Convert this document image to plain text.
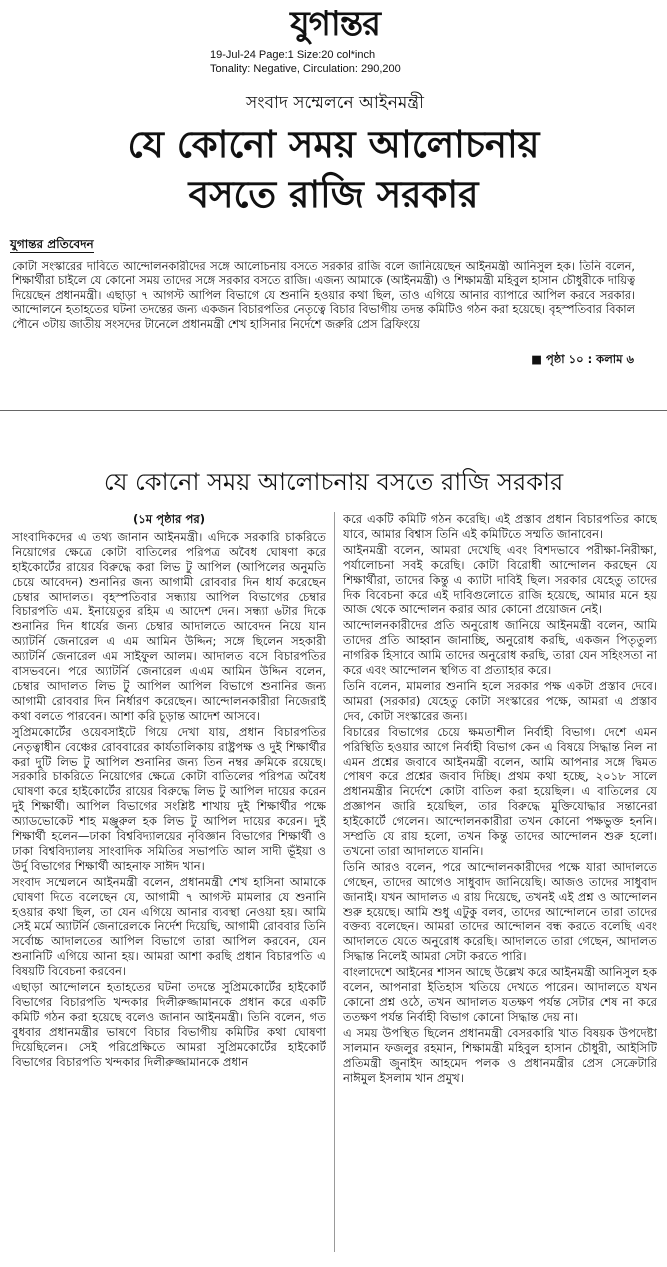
যুগান্তর
19-Jul-24 Page:1 Size:20 col*inch
Tonality: Negative, Circulation: 290,200
সংবাদ সম্মেলনে আইনমন্ত্রী
যে কোনো সময় আলোচনায়
বসতে রাজি সরকার
যুগান্তর প্রতিবেদন
কোটা সংস্কারের দাবিতে আন্দোলনকারীদের সঙ্গে আলোচনায় বসতে সরকার রাজি বলে জানিয়েছেন আইনমন্ত্রী আনিসুল হক। তিনি বলেন, শিক্ষার্থীরা চাইলে যে কোনো সময় তাদের সঙ্গে সরকার বসতে রাজি। এজন্য আমাকে (আইনমন্ত্রী) ও শিক্ষামন্ত্রী মহিবুল হাসান চৌধুরীকে দায়িত্ব দিয়েছেন প্রধানমন্ত্রী। এছাড়া ৭ আগস্ট আপিল বিভাগে যে শুনানি হওয়ার কথা ছিল, তাও এগিয়ে আনার ব্যাপারে আপিল করবে সরকার। আন্দোলনে হতাহতের ঘটনা তদন্তের জন্য একজন বিচারপতির নেতৃত্বে বিচার বিভাগীয় তদন্ত কমিটিও গঠন করা হয়েছে। বৃহস্পতিবার বিকাল পৌনে ৩টায় জাতীয় সংসদের টানেলে প্রধানমন্ত্রী শেখ হাসিনার নির্দেশে জরুরি প্রেস ব্রিফিংয়ে
■ পৃষ্ঠা ১০ : কলাম ৬
যে কোনো সময় আলোচনায় বসতে রাজি সরকার

(১ম পৃষ্ঠার পর)

সাংবাদিকদের এ তথ্য জানান আইনমন্ত্রী। এদিকে সরকারি চাকরিতে নিয়োগের ক্ষেত্রে কোটা বাতিলের পরিপত্র অবৈধ ঘোষণা করে হাইকোর্টের রায়ের বিরুদ্ধে করা লিভ টু আপিল (আপিলের অনুমতি চেয়ে আবেদন) শুনানির জন্য আগামী রোববার দিন ধার্য করেছেন চেম্বার আদালত। বৃহস্পতিবার সন্ধ্যায় আপিল বিভাগের চেম্বার বিচারপতি এম. ইনায়েতুর রহিম এ আদেশ দেন। সন্ধ্যা ৬টার দিকে শুনানির দিন ধার্যের জন্য চেম্বার আদালতে আবেদন নিয়ে যান অ্যাটর্নি জেনারেল এ এম আমিন উদ্দিন; সঙ্গে ছিলেন সহকারী অ্যাটর্নি জেনারেল এম সাইফুল আলম। আদালত বসে বিচারপতির বাসভবনে। পরে অ্যাটর্নি জেনারেল এএম আমিন উদ্দিন বলেন, চেম্বার আদালত লিভ টু আপিল আপিল বিভাগে শুনানির জন্য আগামী রোববার দিন নির্ধারণ করেছেন। আন্দোলনকারীরা নিজেরাই কথা বলতে পারবেন। আশা করি চূড়ান্ত আদেশ আসবে।

সুপ্রিমকোর্টের ওয়েবসাইটে গিয়ে দেখা যায়, প্রধান বিচারপতির নেতৃত্বাধীন বেঞ্চের রোববারের কার্যতালিকায় রাষ্ট্রপক্ষ ও দুই শিক্ষার্থীর করা দুটি লিভ টু আপিল শুনানির জন্য তিন নম্বর ক্রমিকে রয়েছে। সরকারি চাকরিতে নিয়োগের ক্ষেত্রে কোটা বাতিলের পরিপত্র অবৈধ ঘোষণা করে হাইকোর্টের রায়ের বিরুদ্ধে লিভ টু আপিল দায়ের করেন দুই শিক্ষার্থী। আপিল বিভাগের সংশ্লিষ্ট শাখায় দুই শিক্ষার্থীর পক্ষে অ্যাডভোকেট শাহ মঞ্জুরুল হক লিভ টু আপিল দায়ের করেন। দুই শিক্ষার্থী হলেন—ঢাকা বিশ্ববিদ্যালয়ের নৃবিজ্ঞান বিভাগের শিক্ষার্থী ও ঢাকা বিশ্ববিদ্যালয় সাংবাদিক সমিতির সভাপতি আল সাদী ভূঁইয়া ও উর্দু বিভাগের শিক্ষার্থী আহনাফ সাঈদ খান।

সংবাদ সম্মেলনে আইনমন্ত্রী বলেন, প্রধানমন্ত্রী শেখ হাসিনা আমাকে ঘোষণা দিতে বলেছেন যে, আগামী ৭ আগস্ট মামলার যে শুনানি হওয়ার কথা ছিল, তা যেন এগিয়ে আনার ব্যবস্থা নেওয়া হয়। আমি সেই মর্মে অ্যাটর্নি জেনারেলকে নির্দেশ দিয়েছি, আগামী রোববার তিনি সর্বোচ্চ আদালতের আপিল বিভাগে তারা আপিল করবেন, যেন শুনানিটি এগিয়ে আনা হয়। আমরা আশা করছি প্রধান বিচারপতি এ বিষয়টি বিবেচনা করবেন।

এছাড়া আন্দোলনে হতাহতের ঘটনা তদন্তে সুপ্রিমকোর্টের হাইকোর্ট বিভাগের বিচারপতি খন্দকার দিলীরুজ্জামানকে প্রধান করে একটি কমিটি গঠন করা হয়েছে বলেও জানান আইনমন্ত্রী। তিনি বলেন, গত বুধবার প্রধানমন্ত্রীর ভাষণে বিচার বিভাগীয় কমিটির কথা ঘোষণা দিয়েছিলেন। সেই পরিপ্রেক্ষিতে আমরা সুপ্রিমকোর্টের হাইকোর্ট বিভাগের বিচারপতি খন্দকার দিলীরুজ্জামানকে প্রধান

করে একটি কমিটি গঠন করেছি। এই প্রস্তাব প্রধান বিচারপতির কাছে যাবে, আমার বিশ্বাস তিনি এই কমিটিতে সম্মতি জানাবেন।

আইনমন্ত্রী বলেন, আমরা দেখেছি এবং বিশদভাবে পরীক্ষা-নিরীক্ষা, পর্যালোচনা সবই করেছি। কোটা বিরোধী আন্দোলন করছেন যে শিক্ষার্থীরা, তাদের কিন্তু এ ক্যাটা দাবিই ছিল। সরকার যেহেতু তাদের দিক বিবেচনা করে এই দাবিগুলোতে রাজি হয়েছে, আমার মনে হয় আজ থেকে আন্দোলন করার আর কোনো প্রয়োজন নেই।

আন্দোলনকারীদের প্রতি অনুরোধ জানিয়ে আইনমন্ত্রী বলেন, আমি তাদের প্রতি আহ্বান জানাচ্ছি, অনুরোধ করছি, একজন পিতৃতুল্য নাগরিক হিসাবে আমি তাদের অনুরোধ করছি, তারা যেন সহিংসতা না করে এবং আন্দোলন স্থগিত বা প্রত্যাহার করে।

তিনি বলেন, মামলার শুনানি হলে সরকার পক্ষ একটা প্রস্তাব দেবে। আমরা (সরকার) যেহেতু কোটা সংস্কারের পক্ষে, আমরা এ প্রস্তাব দেব, কোটা সংস্কারের জন্য।

বিচারের বিভাগের চেয়ে ক্ষমতাশীল নির্বাহী বিভাগ। দেশে এমন পরিস্থিতি হওয়ার আগে নির্বাহী বিভাগ কেন এ বিষয়ে সিদ্ধান্ত নিল না এমন প্রশ্নের জবাবে আইনমন্ত্রী বলেন, আমি আপনার সঙ্গে দ্বিমত পোষণ করে প্রশ্নের জবাব দিচ্ছি। প্রথম কথা হচ্ছে, ২০১৮ সালে প্রধানমন্ত্রীর নির্দেশে কোটা বাতিল করা হয়েছিল। এ বাতিলের যে প্রজ্ঞাপন জারি হয়েছিল, তার বিরুদ্ধে মুক্তিযোদ্ধার সন্তানেরা হাইকোর্টে গেলেন। আন্দোলনকারীরা তখন কোনো পক্ষভুক্ত হননি। সম্প্রতি যে রায় হলো, তখন কিন্তু তাদের আন্দোলন শুরু হলো। তখনো তারা আদালতে যাননি।

তিনি আরও বলেন, পরে আন্দোলনকারীদের পক্ষে যারা আদালতে গেছেন, তাদের আগেও সাধুবাদ জানিয়েছি। আজও তাদের সাধুবাদ জানাই। যখন আদালত এ রায় দিয়েছে, তখনই এই প্রশ্ন ও আন্দোলন শুরু হয়েছে। আমি শুধু এটুকু বলব, তাদের আন্দোলনে তারা তাদের বক্তব্য বলেছেন। আমরা তাদের আন্দোলন বন্ধ করতে বলেছি এবং আদালতে যেতে অনুরোধ করেছি। আদালতে তারা গেছেন, আদালত সিদ্ধান্ত নিলেই আমরা সেটা করতে পারি।

বাংলাদেশে আইনের শাসন আছে উল্লেখ করে আইনমন্ত্রী আনিসুল হক বলেন, আপনারা ইতিহাস খতিয়ে দেখতে পারেন। আদালতে যখন কোনো প্রশ্ন ওঠে, তখন আদালত যতক্ষণ পর্যন্ত সেটার শেষ না করে ততক্ষণ পর্যন্ত নির্বাহী বিভাগ কোনো সিদ্ধান্ত দেয় না।

এ সময় উপস্থিত ছিলেন প্রধানমন্ত্রী বেসরকারি খাত বিষয়ক উপদেষ্টা সালমান ফজলুর রহমান, শিক্ষামন্ত্রী মহিবুল হাসান চৌধুরী, আইসিটি প্রতিমন্ত্রী জুনাইদ আহমেদ পলক ও প্রধানমন্ত্রীর প্রেস সেক্রেটারি নাঈমুল ইসলাম খান প্রমুখ।
